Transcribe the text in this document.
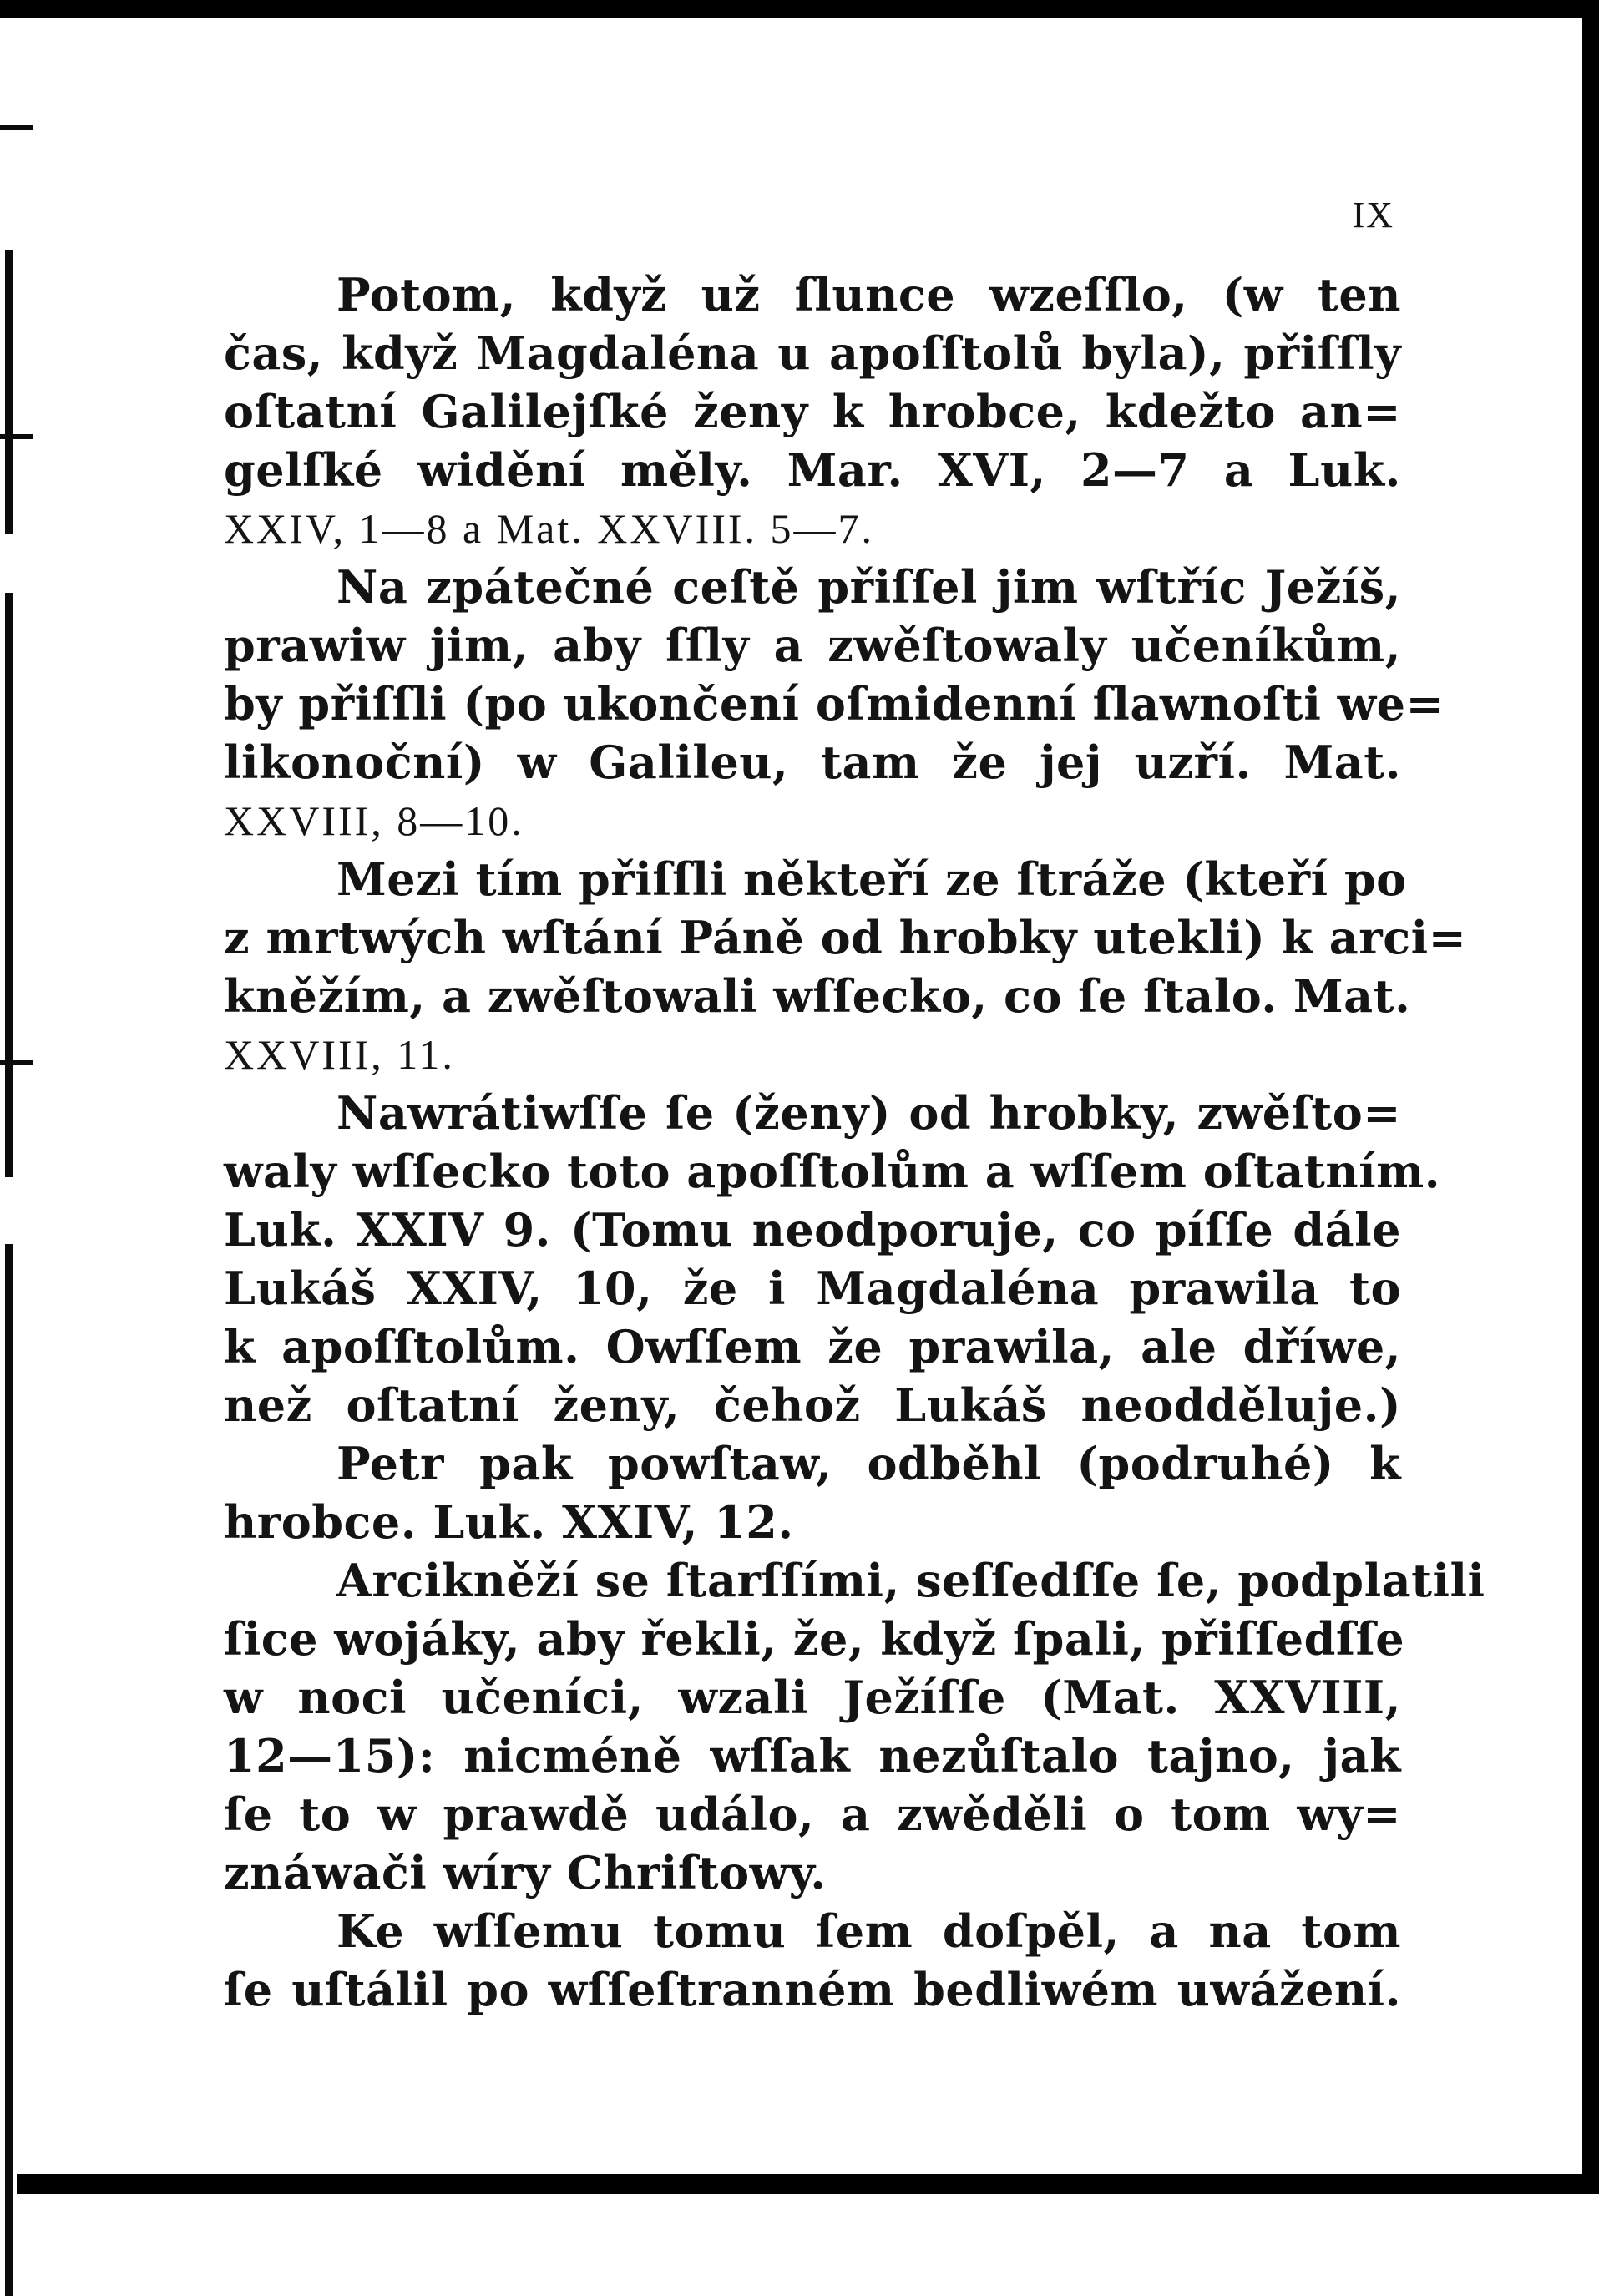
IX
Potom, když už ſlunce wzeſſlo, (w ten
čas, když Magdaléna u apoſſtolů byla), přiſſly
oſtatní Galilejſké ženy k hrobce, kdežto an=
gelſké widění měly. Mar. XVI, 2—7 a Luk.
XXIV, 1—8 a Mat. XXVIII. 5—7.
Na zpátečné ceſtě přiſſel jim wſtříc Ježíš,
prawiw jim, aby ſſly a zwěſtowaly učeníkům,
by přiſſli (po ukončení oſmidenní ſlawnoſti we=
likonoční) w Galileu, tam že jej uzří. Mat.
XXVIII, 8—10.
Mezi tím přiſſli někteří ze ſtráže (kteří po
z mrtwých wſtání Páně od hrobky utekli) k arci=
kněžím, a zwěſtowali wſſecko, co ſe ſtalo. Mat.
XXVIII, 11.
Nawrátiwſſe ſe (ženy) od hrobky, zwěſto=
waly wſſecko toto apoſſtolům a wſſem oſtatním.
Luk. XXIV 9. (Tomu neodporuje, co píſſe dále
Lukáš XXIV, 10, že i Magdaléna prawila to
k apoſſtolům. Owſſem že prawila, ale dříwe,
než oſtatní ženy, čehož Lukáš neodděluje.)
Petr pak powſtaw, odběhl (podruhé) k
hrobce. Luk. XXIV, 12.
Arcikněží se ſtarſſími, seſſedſſe ſe, podplatili
ſice wojáky, aby řekli, že, když ſpali, přiſſedſſe
w noci učeníci, wzali Ježíſſe (Mat. XXVIII,
12—15): nicméně wſſak nezůſtalo tajno, jak
ſe to w prawdě událo, a zwěděli o tom wy=
znáwači wíry Chriſtowy.
Ke wſſemu tomu ſem doſpěl, a na tom
ſe uſtálil po wſſeſtranném bedliwém uwážení.
